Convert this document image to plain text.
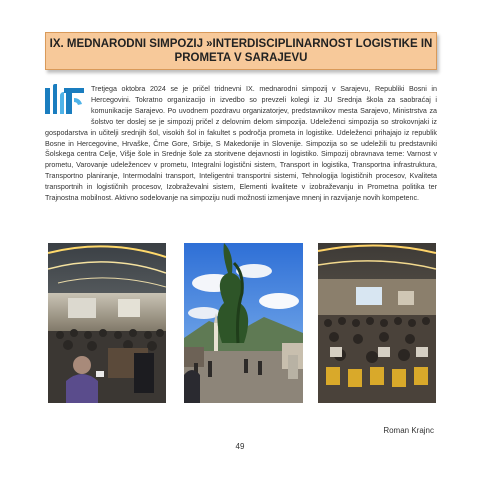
IX. MEDNARODNI SIMPOZIJ »INTERDISCIPLINARNOST LOGISTIKE IN
PROMETA V SARAJEVU

Tretjega oktobra 2024 se je pričel tridnevni IX. mednarodni simpozij v Sarajevu, Republiki Bosni in Hercegovini. Tokratno organizacijo in izvedbo so prevzeli kolegi iz JU Srednja škola za saobraćaj i komunikacije Sarajevo. Po uvodnem pozdravu organizatorjev, predstavnikov mesta Sarajevo, Ministrstva za šolstvo ter doslej se je simpozij pričel z delovnim delom simpozija. Udeleženci simpozija so strokovnjaki iz gospodarstva in učitelji srednjih šol, visokih šol in fakultet s področja prometa in logistike. Udeleženci prihajajo iz republik Bosne in Hercegovine, Hrvaške, Črne Gore, Srbije, S Makedonije in Slovenije. Simpozija so se udeležili tu predstavniki Šolskega centra Celje, Višje šole in Srednje šole za storitvene dejavnosti in logistiko. Simpozij obravnava teme: Varnost v prometu, Varovanje udeležencev v prometu, Integralni logistični sistem, Transport in logistika, Transportna infrastruktura, Transportno planiranje, Intermodalni transport, Inteligentni transportni sistemi, Tehnologija logističnih procesov, Kvaliteta transportnih in logističnih procesov, Izobraževalni sistem, Elementi kvalitete v izobraževanju in Prometna politika ter Trajnostna mobilnost. Aktivno sodelovanje na simpoziju nudi možnosti izmenjave mnenj in razvijanje novih kompetenc.

Roman Krajnc
49
